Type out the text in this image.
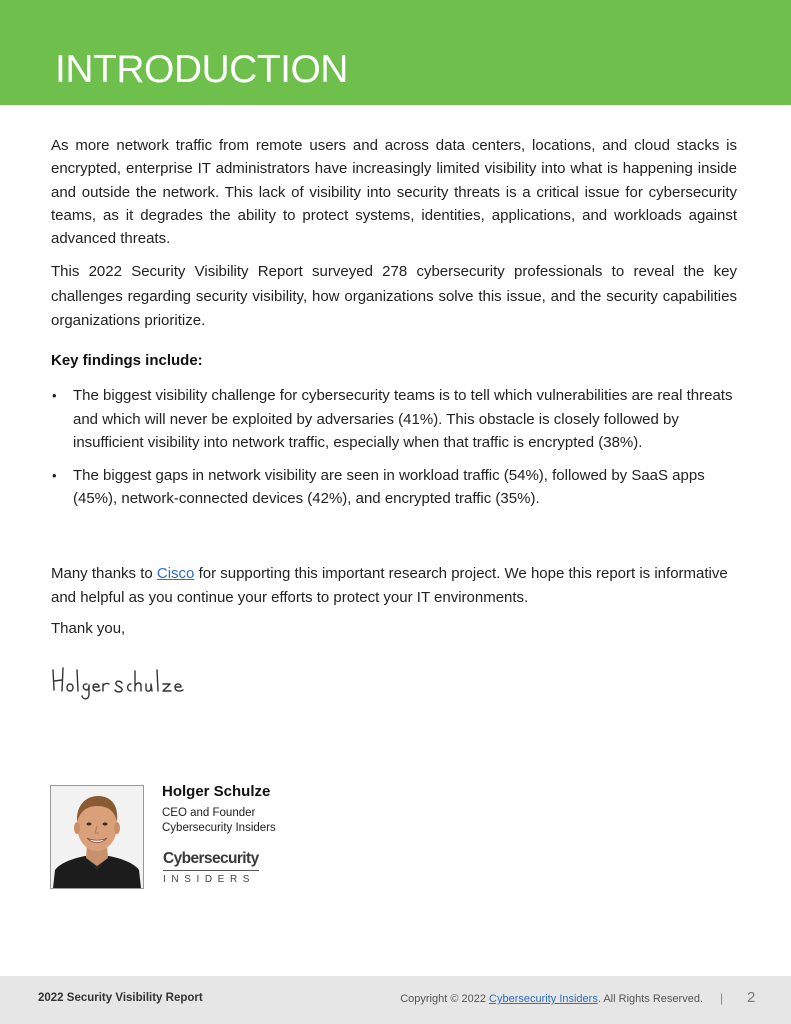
INTRODUCTION

As more network traffic from remote users and across data centers, locations, and cloud stacks is encrypted, enterprise IT administrators have increasingly limited visibility into what is happening inside and outside the network. This lack of visibility into security threats is a critical issue for cybersecurity teams, as it degrades the ability to protect systems, identities, applications, and workloads against advanced threats.

This 2022 Security Visibility Report surveyed 278 cybersecurity professionals to reveal the key challenges regarding security visibility, how organizations solve this issue, and the security capabilities organizations prioritize.

Key findings include:

• The biggest visibility challenge for cybersecurity teams is to tell which vulnerabilities are real threats and which will never be exploited by adversaries (41%). This obstacle is closely followed by insufficient visibility into network traffic, especially when that traffic is encrypted (38%).
• The biggest gaps in network visibility are seen in workload traffic (54%), followed by SaaS apps (45%), network-connected devices (42%), and encrypted traffic (35%).

Many thanks to Cisco for supporting this important research project. We hope this report is informative and helpful as you continue your efforts to protect your IT environments.

Thank you,

Holger Schulze

CEO and Founder
Cybersecurity Insiders

Cybersecurity
INSIDERS
2022 Security Visibility Report	Copyright © 2022 Cybersecurity Insiders. All Rights Reserved. | 2
